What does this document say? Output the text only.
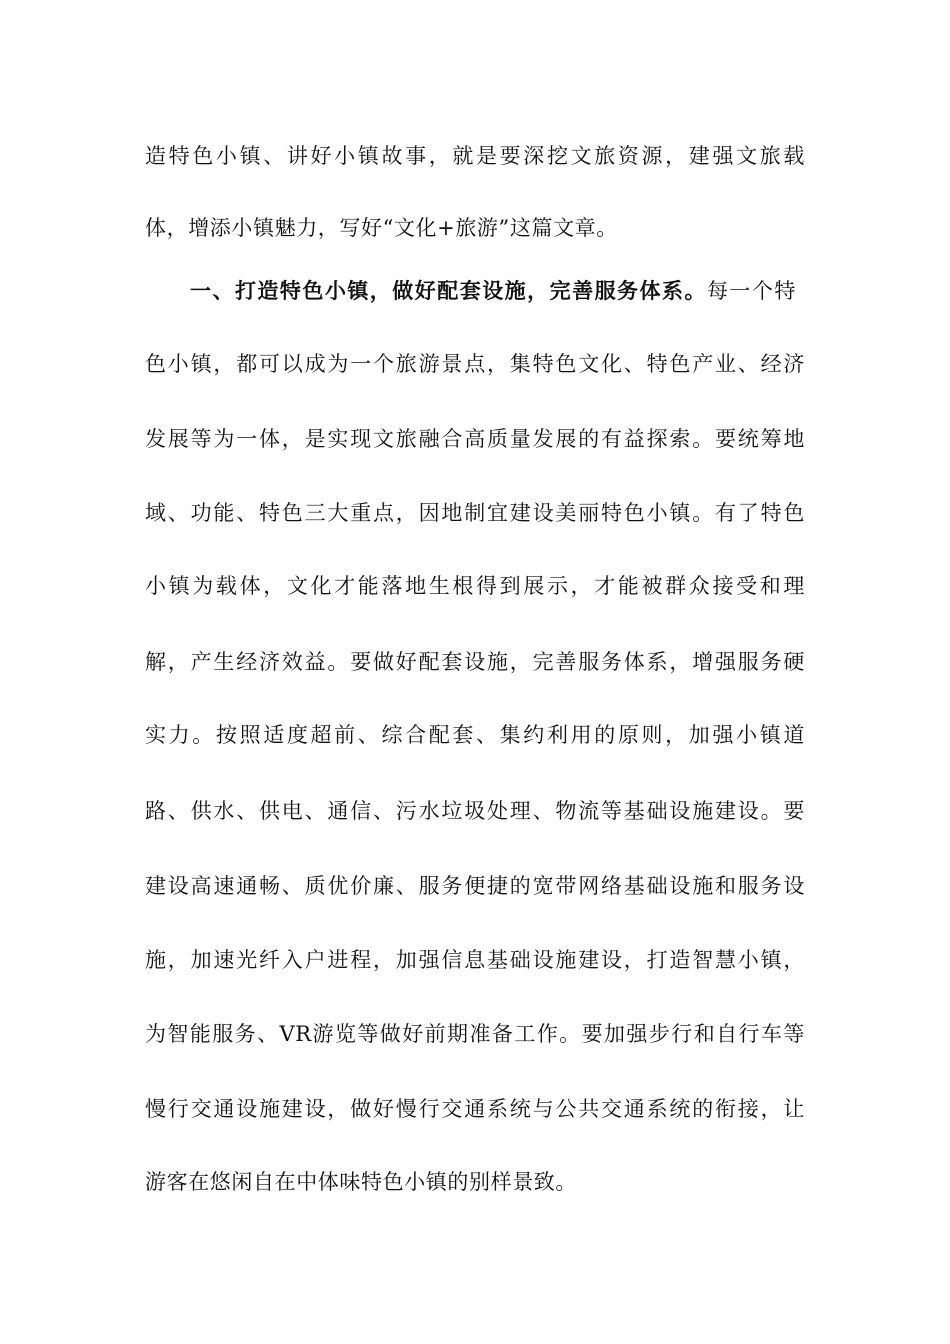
造特色小镇、讲好小镇故事，就是要深挖文旅资源，建强文旅载
体，增添小镇魅力，写好“文化+旅游”这篇文章。
一、打造特色小镇，做好配套设施，完善服务体系。每一个特
色小镇，都可以成为一个旅游景点，集特色文化、特色产业、经济
发展等为一体，是实现文旅融合高质量发展的有益探索。要统筹地
域、功能、特色三大重点，因地制宜建设美丽特色小镇。有了特色
小镇为载体，文化才能落地生根得到展示，才能被群众接受和理
解，产生经济效益。要做好配套设施，完善服务体系，增强服务硬
实力。按照适度超前、综合配套、集约利用的原则，加强小镇道
路、供水、供电、通信、污水垃圾处理、物流等基础设施建设。要
建设高速通畅、质优价廉、服务便捷的宽带网络基础设施和服务设
施，加速光纤入户进程，加强信息基础设施建设，打造智慧小镇，
为智能服务、VR游览等做好前期准备工作。要加强步行和自行车等
慢行交通设施建设，做好慢行交通系统与公共交通系统的衔接，让
游客在悠闲自在中体味特色小镇的别样景致。
